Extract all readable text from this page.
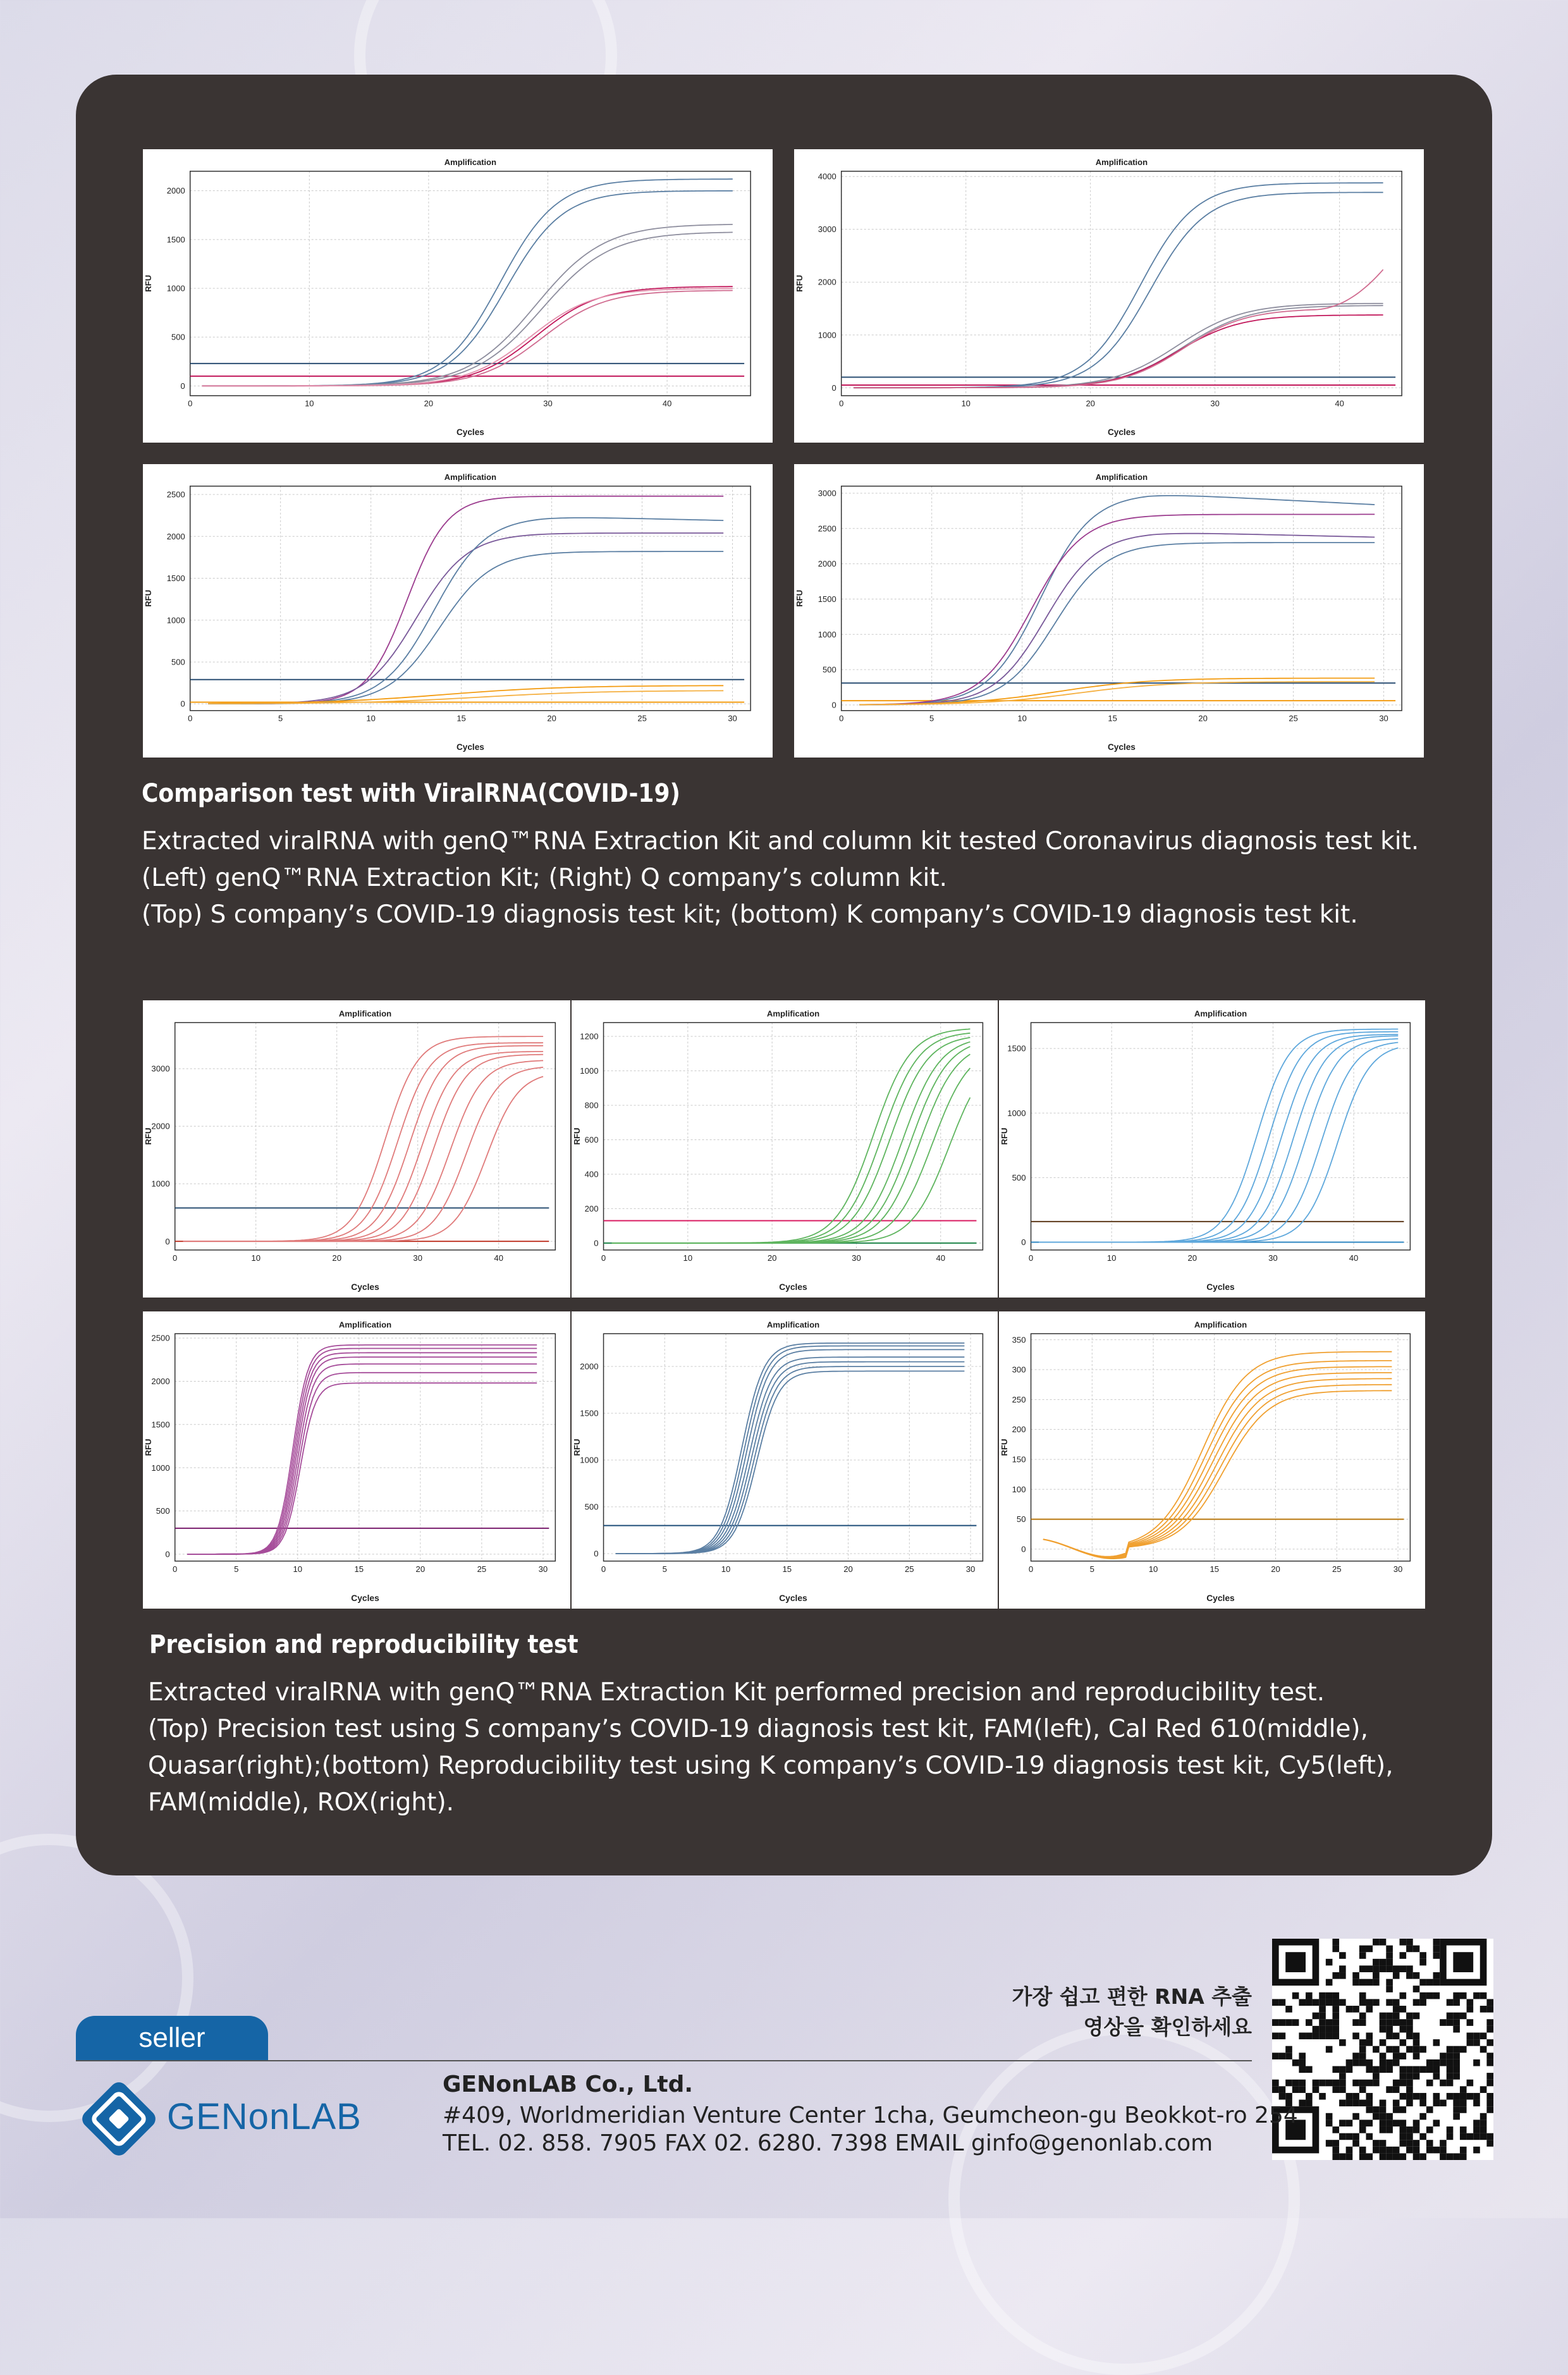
Amplification
0	10	20	30	40
0
500
1000
1500
2000
Cycles
RFU
Amplification
0	10	20	30	40
0
1000
2000
3000
4000
Cycles
RFU
Amplification
0	5	10	15	20	25	30
0
500
1000
1500
2000
2500
Cycles
RFU
Amplification
0	5	10	15	20	25	30
0
500
1000
1500
2000
2500
3000
Cycles
RFU
Comparison test with ViralRNA(COVID-19)
Extracted viralRNA with genQ™RNA Extraction Kit and column kit tested Coronavirus diagnosis test kit.
(Left) genQ™RNA Extraction Kit; (Right) Q company’s column kit.
(Top) S company’s COVID-19 diagnosis test kit; (bottom) K company’s COVID-19 diagnosis test kit.
Amplification
0	10	20	30	40
0
1000
2000
3000
Cycles
RFU
Amplification
0	10	20	30	40
0
200
400
600
800
1000
1200
Cycles
RFU
Amplification
0	10	20	30	40
0
500
1000
1500
Cycles
RFU
Amplification
0	5	10	15	20	25	30
0
500
1000
1500
2000
2500
Cycles
RFU
Amplification
0	5	10	15	20	25	30
0
500
1000
1500
2000
Cycles
RFU
Amplification
0	5	10	15	20	25	30
0
50
100
150
200
250
300
350
Cycles
RFU
Precision and reproducibility test
Extracted viralRNA with genQ™RNA Extraction Kit performed precision and reproducibility test.
(Top) Precision test using S company’s COVID-19 diagnosis test kit, FAM(left), Cal Red 610(middle),
Quasar(right);(bottom) Reproducibility test using K company’s COVID-19 diagnosis test kit, Cy5(left),
FAM(middle), ROX(right).
가장 쉽고 편한 RNA 추출
영상을 확인하세요
seller
GENonLAB
GENonLAB Co., Ltd.
#409, Worldmeridian Venture Center 1cha, Geumcheon-gu Beokkot-ro 254
TEL. 02. 858. 7905 FAX 02. 6280. 7398 EMAIL ginfo@genonlab.com
